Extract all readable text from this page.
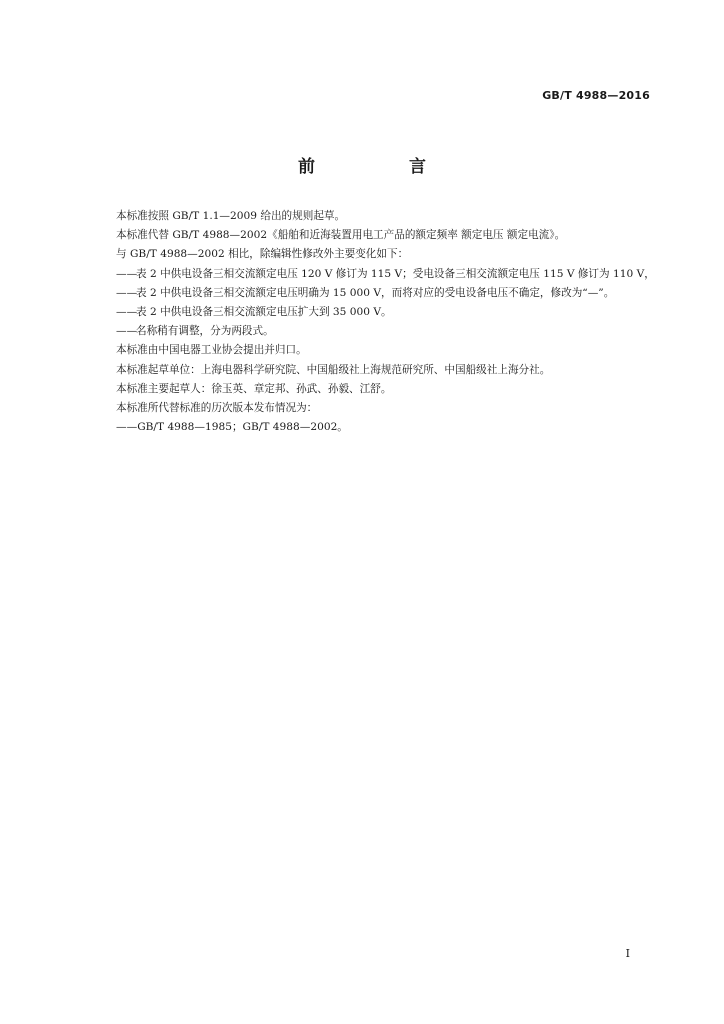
GB/T 4988—2016
前 言

本标准按照 GB/T 1.1—2009 给出的规则起草。

本标准代替 GB/T 4988—2002《船舶和近海装置用电工产品的额定频率 额定电压 额定电流》。

与 GB/T 4988—2002 相比，除编辑性修改外主要变化如下：

——
表 2 中供电设备三相交流额定电压 120 V 修订为 115 V；受电设备三相交流额定电压 115 V 修订为 110 V，
——
表 2 中供电设备三相交流额定电压明确为 15 000 V，而将对应的受电设备电压不确定，修改为“—”。
——
表 2 中供电设备三相交流额定电压扩大到 35 000 V。
——
名称稍有调整，分为两段式。

本标准由中国电器工业协会提出并归口。

本标准起草单位：上海电器科学研究院、中国船级社上海规范研究所、中国船级社上海分社。

本标准主要起草人：徐玉英、章定邦、孙武、孙毅、江舒。

本标准所代替标准的历次版本发布情况为：

——GB/T 4988—1985；GB/T 4988—2002。

I
